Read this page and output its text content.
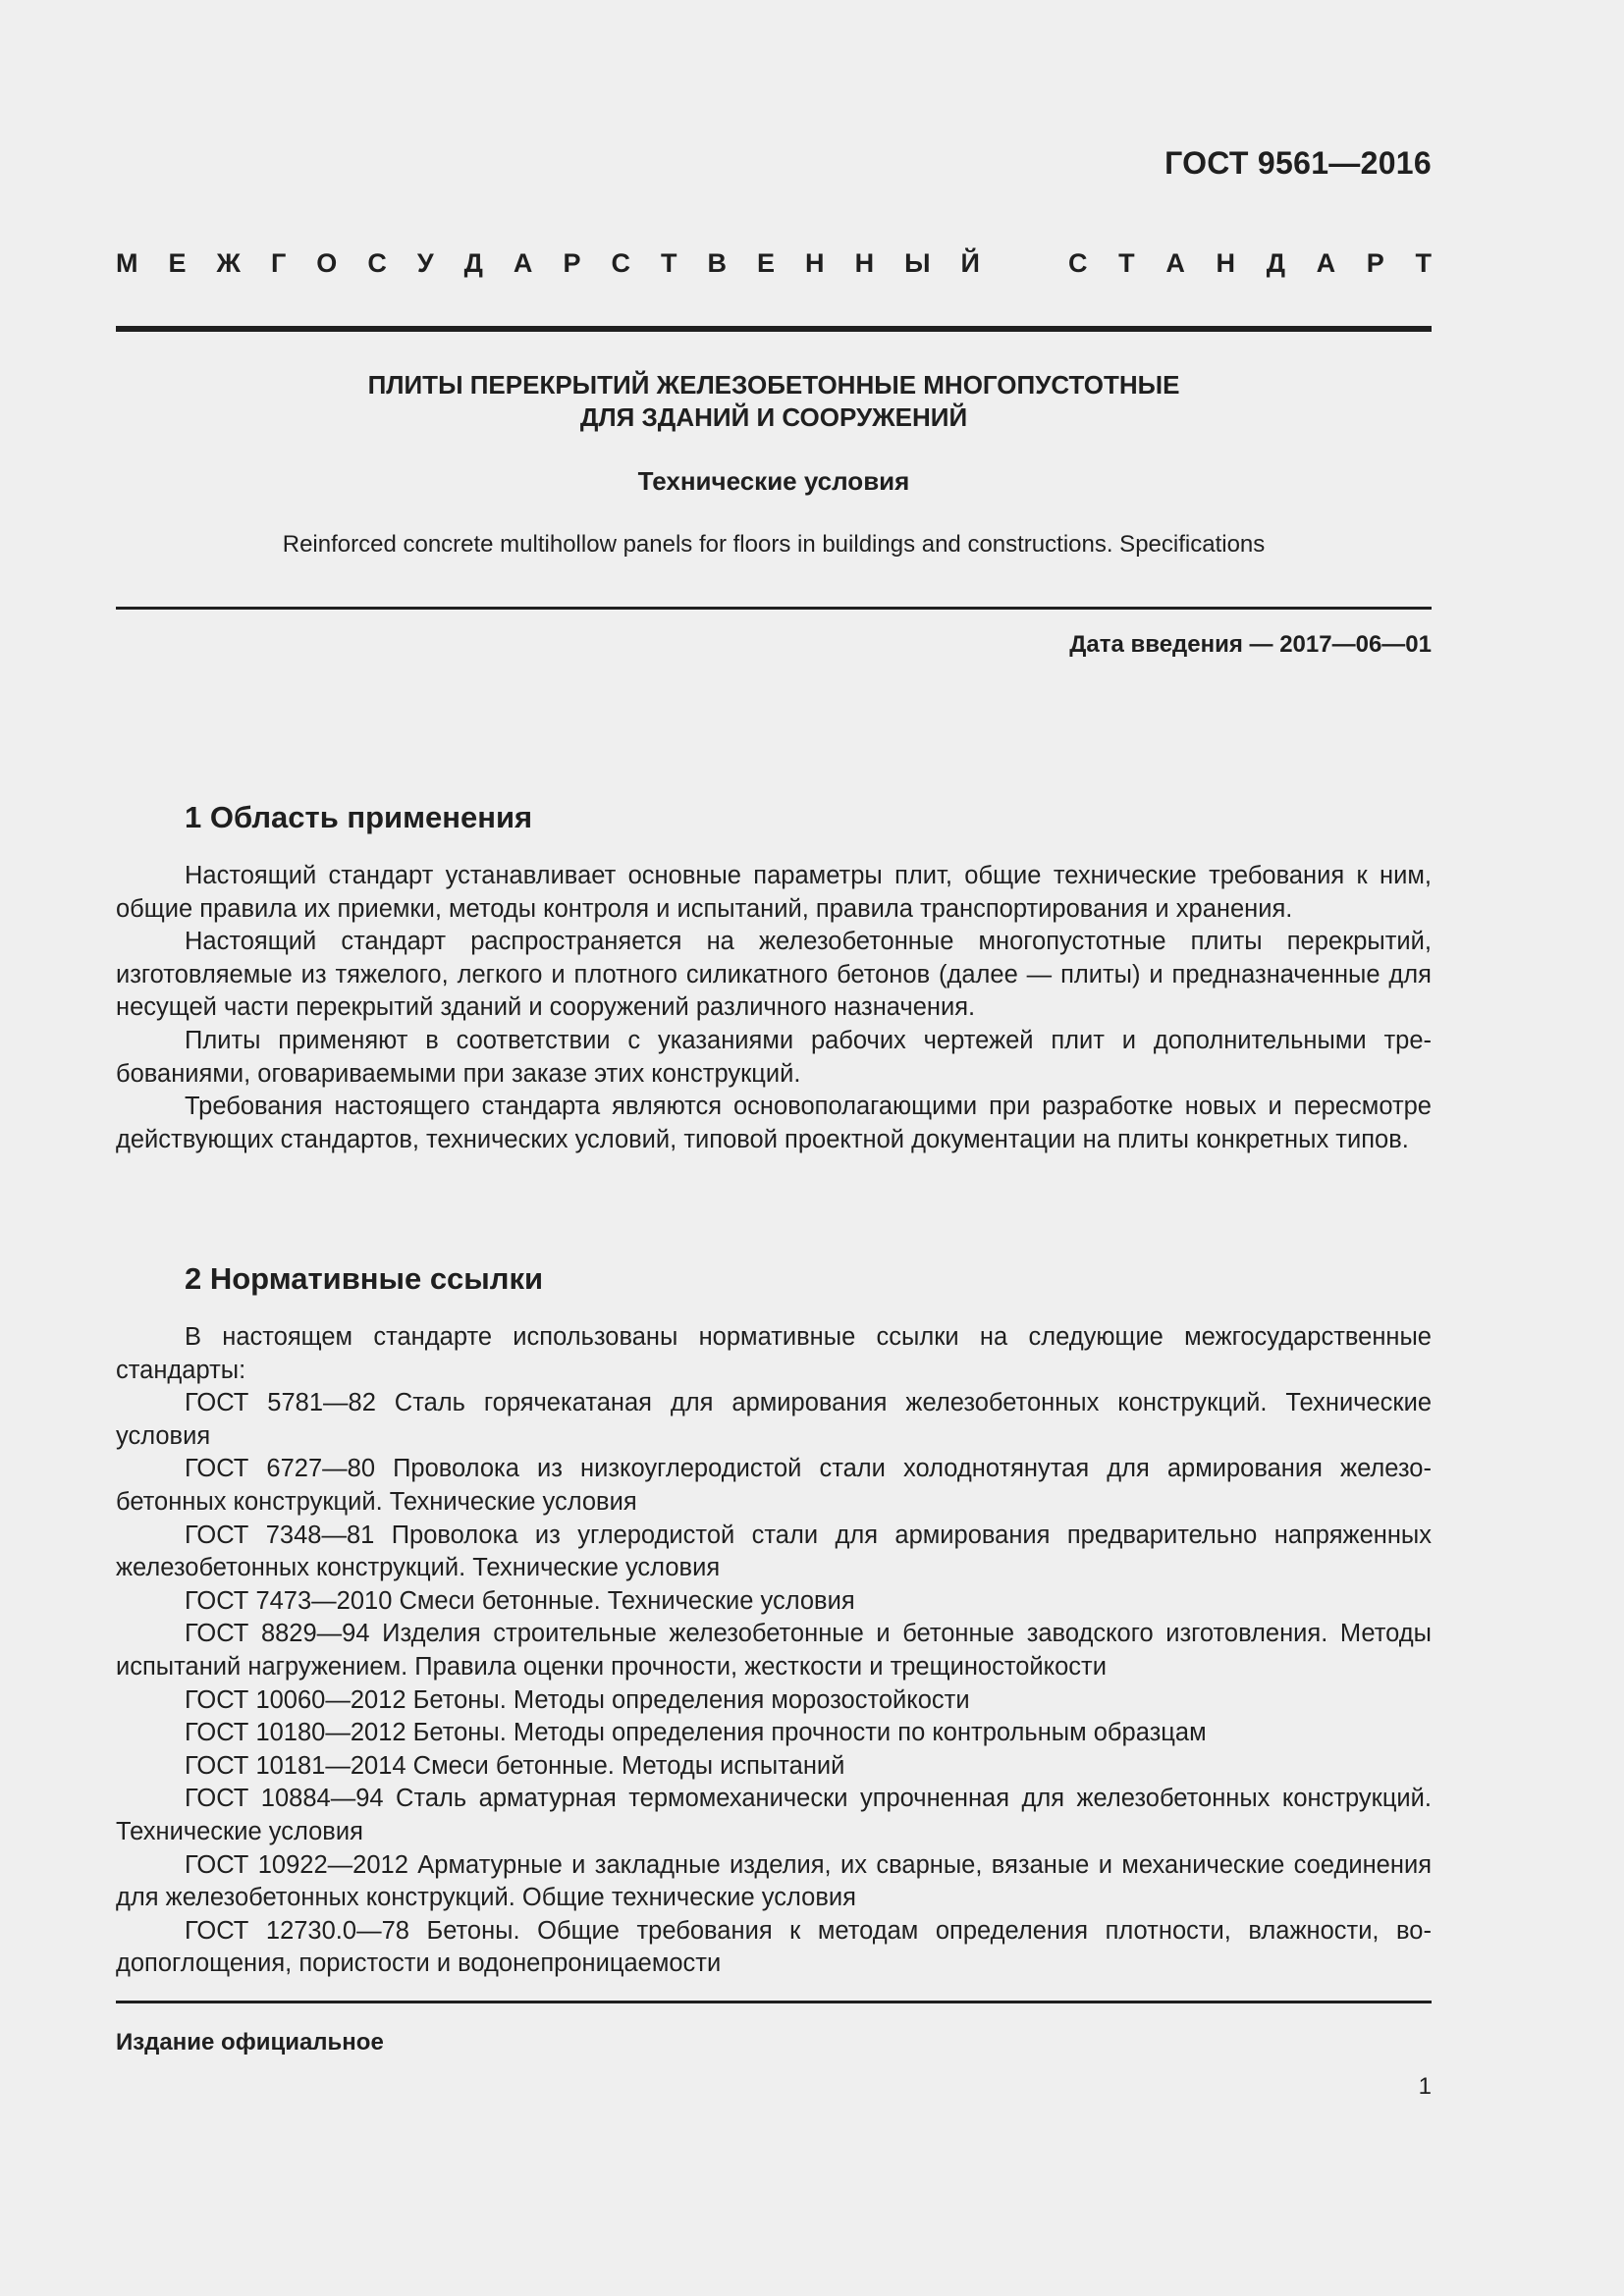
ГОСТ 9561—2016
М Е Ж Г О С У Д А Р С Т В Е Н Н Ы Й	С Т А Н Д А Р Т
ПЛИТЫ ПЕРЕКРЫТИЙ ЖЕЛЕЗОБЕТОННЫЕ МНОГОПУСТОТНЫЕ
ДЛЯ ЗДАНИЙ И СООРУЖЕНИЙ
Технические условия
Reinforced concrete multihollow panels for floors in buildings and constructions. Specifications
Дата введения — 2017—06—01
1 Область применения

Настоящий стандарт устанавливает основные параметры плит, общие технические требования к ним, общие правила их приемки, методы контроля и испытаний, правила транспортирования и хранения.

Настоящий стандарт распространяется на железобетонные многопустотные плиты перекрытий, изготовляемые из тяжелого, легкого и плотного силикатного бетонов (далее — плиты) и предназначенные для несущей части перекрытий зданий и сооружений различного назначения.

Плиты применяют в соответствии с указаниями рабочих чертежей плит и дополнительными требованиями, оговариваемыми при заказе этих конструкций.

Требования настоящего стандарта являются основополагающими при разработке новых и пересмотре действующих стандартов, технических условий, типовой проектной документации на плиты конкретных типов.

2 Нормативные ссылки

В настоящем стандарте использованы нормативные ссылки на следующие межгосударственные стандарты:

ГОСТ 5781—82 Сталь горячекатаная для армирования железобетонных конструкций. Технические условия

ГОСТ 6727—80 Проволока из низкоуглеродистой стали холоднотянутая для армирования железобетонных конструкций. Технические условия

ГОСТ 7348—81 Проволока из углеродистой стали для армирования предварительно напряженных железобетонных конструкций. Технические условия

ГОСТ 7473—2010 Смеси бетонные. Технические условия

ГОСТ 8829—94 Изделия строительные железобетонные и бетонные заводского изготовления. Методы испытаний нагружением. Правила оценки прочности, жесткости и трещиностойкости

ГОСТ 10060—2012 Бетоны. Методы определения морозостойкости

ГОСТ 10180—2012 Бетоны. Методы определения прочности по контрольным образцам

ГОСТ 10181—2014 Смеси бетонные. Методы испытаний

ГОСТ 10884—94 Сталь арматурная термомеханически упрочненная для железобетонных конструкций. Технические условия

ГОСТ 10922—2012 Арматурные и закладные изделия, их сварные, вязаные и механические соединения для железобетонных конструкций. Общие технические условия

ГОСТ 12730.0—78 Бетоны. Общие требования к методам определения плотности, влажности, водопоглощения, пористости и водонепроницаемости

Издание официальное
1
